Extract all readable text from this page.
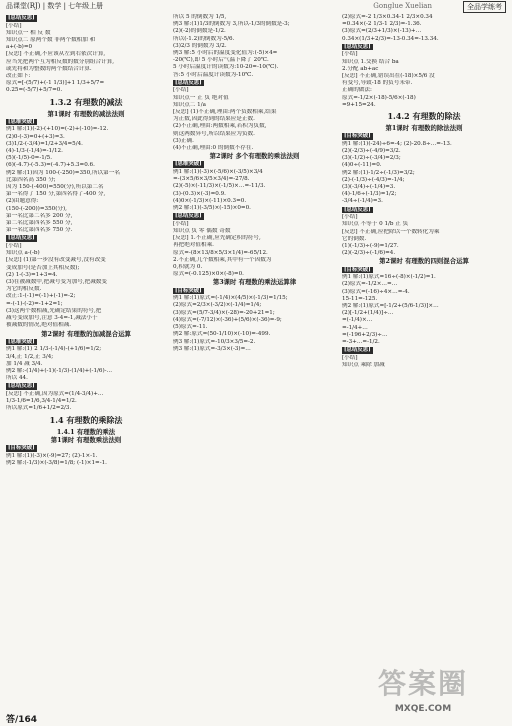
品课堂(RJ) | 数学 | 七年级上册	Gonglue Xuelian	全品学练考
[总结反思]
[小结]
知识点一 相 反 数
知识点二 原两个数 非两个数相加 和
a+(-b)=0
[反思] 不正确,不应该从左到右依次计算,
应当先把两个互为相反数的数分别组合计算,
或先将和为整数的两个数结合计算.
改正如下:
原式=[-(5/7)+(-1 1/3)]+1 1/3+5/7=
0.25=(-5/7)+5/7=0.
1.3.2 有理数的减法
第1课时 有理数的减法法则
[思维突破]
例1 解:(1)(-2)-(+10)=(-2)+(-10)=-12.
(2)0-(-3)=0+(+3)=3.
(3)1/2-(-3/4)=1/2+3/4=5/4.
(4)-1/3-(-1/4)=-1/12.
(5)(-1/5)-0=-1/5.
(6)(-4.7)-(-5.3)=(-4.7)+5.3=0.6.
例2 解:(1)因为 100-(-250)=350,所以第一名
比第四名高 350 分;
因为 150-(-400)=550(分),所以第二名
第一名得了 150 分,第四名得了-400 分,
(2)由题意得:
(150-(-200))=350(分),
第一名比第二名多 200 分,
第二名比第四名多 550 分,
第一名比第四名多 750 分.
[总结反思]
[小结]
知识点 a-(-b)
[反思] (1)第一步没有改变减号,没有改变
变成加号(是否加上其相反数);
(2) 1-(-3)=1+3=4.
(3)在被减数中,把减号变为加号,把减数变
为它的相反数.
改正:1-(-1)=(-1)+(-1)=-2;
=-(-1)-(-2)=-1+2=1;
(3)这两个数相减,先确定结果的符号,把
减号变成加号,注意 3-4=-1,减法小于
被减数的情况,绝对值相减.
第2课时 有理数的加减混合运算
[思维突破]
例1 解:(1) 2 1/3-(-1/4)-(+1/6)=1/2;
3/4,正 1/2,正 3/4;
加 1/4 减 3/4.
例2 解:-(1/4)+(-1)(-1/3)-(1/4)+(-1/6)-…
所以 44.
[总结反思]
[反思] 不正确,因为原式=(1/4-3/4)+…
1/3-1/6=1/6,3/4-1/4=1/2.
所以原式=1/6+1/2=2/3.
1.4 有理数的乘除法
1.4.1 有理数的乘法
第1课时 有理数乘法法则
[目标突破]
例1 解:(1)(-3)×(-9)=27; (2)-1×-1.
例2 解:(-1/3)×(-3/8)=1/8; (-1)×1=-1.
所以 5 的倒数为 1/5,
例3 解:(1)1/3的倒数为 3,所以-1/3的倒数是-3;
(2)(-2)的倒数是-1/2.
所以(-1.2)的倒数为-5/6.
(3)2/3 的倒数为 3/2.
例3 解:5 小时后的温度变化值为:(-5)×4=
-20(℃),即 5 小时后气温下降了 20℃.
5 小时后温度计的读数为:10-20=-10(℃).
答:5 小时后温度计读数为-10℃.
[总结反思]
[小结]
知识点一 正 负 绝对值
知识点二 1/a
[反思] (1)不正确,理由:两个负数相乘,结果
为正数,因此得到的结果应是正数.
(2)不正确,理由:两数相乘,若积为负数,
则这两数异号,所以结果应为负数.
(3)正确.
(4)不正确,理由:0 的倒数不存在.
第2课时 多个有理数的乘法法则
[思维突破]
例1 解:(1)(-3)×(-5/6)×(-3/5)×3/4
=-(3×5/6×3/5×3/4)=-27/8.
(2)(-5)×(-11/3)×(-1/5)×…=-11/3.
(3)-(0.3)×(-3)=0.9.
(4)0×(-1/3)×(-11)×0.3=0.
例2 解:(1)(-3/5)×(-15)×0=0.
[总结反思]
[小结]
知识点 负 零 偶数 奇数
[反思] 1.不正确,应先确定积的符号,
再把绝对值相乘.
原式=-(8×13/8×5/3×1/4)=-65/12.
2.不正确,几个数相乘,其中有一个因数为
0,积就为 0.
原式=(-0.125)×0×(-8)=0.
第3课时 有理数的乘法运算律
[目标突破]
例1 解:(1)原式=(-1/4)×(4/5)×(-1/3)=1/15;
(2)原式=2/3×(-3/2)×(-1/4)=1/4;
(3)原式=(5/7-3/4)×(-28)=-20+21=1;
(4)原式=(-7/12)×(-36)+(5/6)×(-36)=-9;
(5)原式=-11.
例2 解:原式=(50-1/10)×(-10)=-499.
例3 解:(1)原式=-10/3×3/5=-2.
例3 解:(1)原式=-3/3×(-3)=…
(2)原式=-2 1/3×0.34-1 2/3×0.34
=0.34×(-2 1/3-1 2/3)=-1.36.
(3)原式=(2/3+1/3)×(-13)+…
0.34×(1/3+2/3)=-13-0.34=-13.34.
[总结反思]
[小结]
知识点 1.交换 结合 ba
2.分配 ab+ac
[反思] 不正确,错误出在(-18)×5/6 没
有变号,导致-18 的负号未带.
正确的做法:
原式=-1/2×(-18)-5/6×(-18)
=9+15=24.
1.4.2 有理数的除法
第1课时 有理数的除法法则
[目标突破]
例1 解:(1)(-24)÷6=-4; (2)-20.8÷…=-13.
(2)(-2/3)÷(-4/9)=3/2.
(3)(-1/2)÷(-3/4)=2/3;
(4)0÷(-11)=0.
例2 解:(1)-1/2÷(-1/3)=3/2;
(2)-(-1/3)÷(-4/3)=-1/4;
(3)(-3/4)÷(-1/4)=3.
(4)-1/6÷(-1/3)=1/2;
-3/4÷(-1/4)=3.
[总结反思]
[小结]
知识点 不等于 0 1/b 正 负
[反思] 不正确,应把除以一个数转化为乘
它的倒数.
(1)(-1/3)÷(-9)=1/27.
(2)(-2/3)÷(-1/6)=4.
第2课时 有理数的四则混合运算
[目标突破]
例1 解:(1)原式=16÷(-8)×(-1/2)=1.
(2)原式=-1/2×…=…
(3)原式=(-16)÷4×…=-4.
15-11=-125.
例2 解:(1)原式=[-1/2+(5/6-1/3)]×…
(2)[-1/2+(1/4)]÷…
=(-1/4)×…
=-1/4+…
=(-196+2/3)÷…
=-3+…=-1/2.
[总结反思]
[小结]
知识点 乘除 加减
答案圈
MXQE.COM
答/164
